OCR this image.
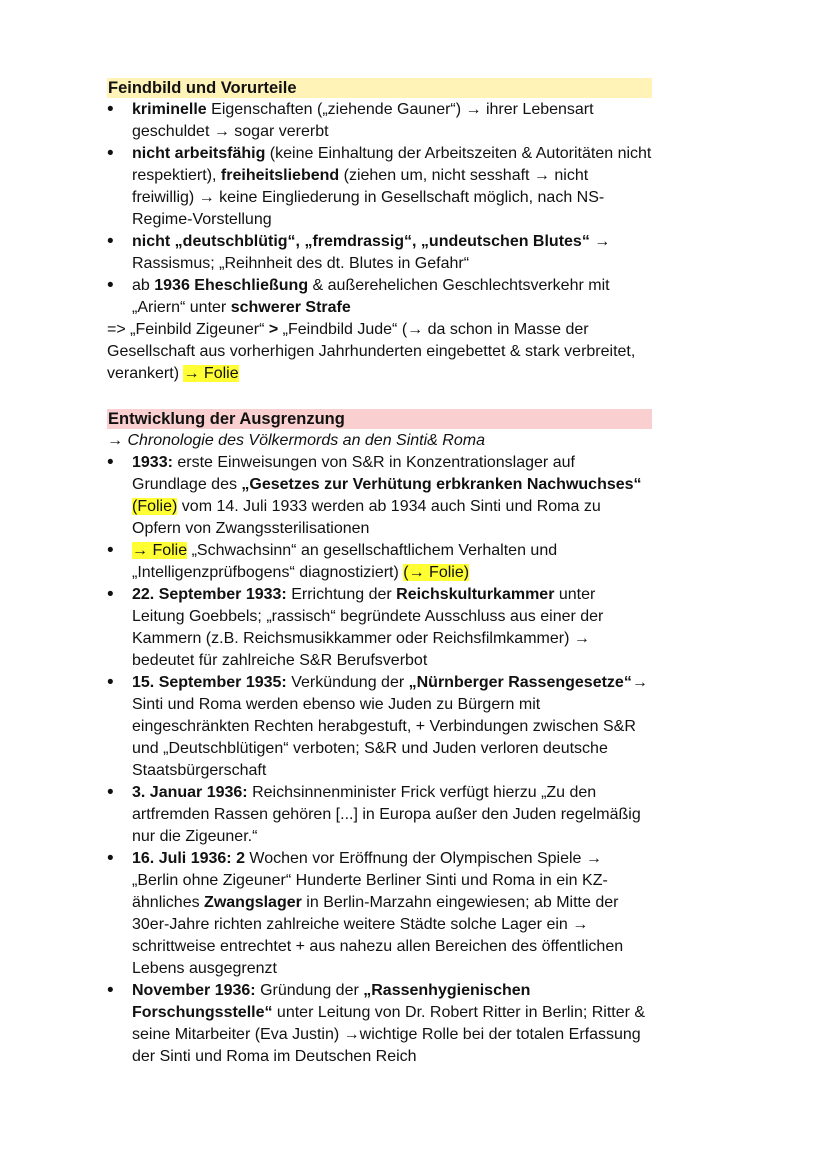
Feindbild und Vorurteile
• kriminelle Eigenschaften („ziehende Gauner“) → ihrer Lebensart geschuldet → sogar vererbt
• nicht arbeitsfähig (keine Einhaltung der Arbeitszeiten & Autoritäten nicht respektiert), freiheitsliebend (ziehen um, nicht sesshaft → nicht freiwillig) → keine Eingliederung in Gesellschaft möglich, nach NS-Regime-Vorstellung
• nicht „deutschblütig“, „fremdrassig“, „undeutschen Blutes“ → Rassismus; „Reihnheit des dt. Blutes in Gefahr“
• ab 1936 Eheschließung & außerehelichen Geschlechtsverkehr mit „Ariern“ unter schwerer Strafe
=> „Feinbild Zigeuner“ > „Feindbild Jude“ (→ da schon in Masse der Gesellschaft aus vorherhigen Jahrhunderten eingebettet & stark verbreitet, verankert) → Folie
Entwicklung der Ausgrenzung
→ Chronologie des Völkermords an den Sinti& Roma
• 1933: erste Einweisungen von S&R in Konzentrationslager auf Grundlage des „Gesetzes zur Verhütung erbkranken Nachwuchses“ (Folie) vom 14. Juli 1933 werden ab 1934 auch Sinti und Roma zu Opfern von Zwangssterilisationen
• → Folie „Schwachsinn“ an gesellschaftlichem Verhalten und „Intelligenzprüfbogens“ diagnostiziert) (→ Folie)
• 22. September 1933: Errichtung der Reichskulturkammer unter Leitung Goebbels; „rassisch“ begründete Ausschluss aus einer der Kammern (z.B. Reichsmusikkammer oder Reichsfilmkammer) → bedeutet für zahlreiche S&R Berufsverbot
• 15. September 1935: Verkündung der „Nürnberger Rassengesetze“→ Sinti und Roma werden ebenso wie Juden zu Bürgern mit eingeschränkten Rechten herabgestuft, + Verbindungen zwischen S&R und „Deutschblütigen“ verboten; S&R und Juden verloren deutsche Staatsbürgerschaft
• 3. Januar 1936: Reichsinnenminister Frick verfügt hierzu „Zu den artfremden Rassen gehören [...] in Europa außer den Juden regelmäßig nur die Zigeuner.“
• 16. Juli 1936: 2 Wochen vor Eröffnung der Olympischen Spiele → „Berlin ohne Zigeuner“ Hunderte Berliner Sinti und Roma in ein KZ-ähnliches Zwangslager in Berlin-Marzahn eingewiesen; ab Mitte der 30er-Jahre richten zahlreiche weitere Städte solche Lager ein → schrittweise entrechtet + aus nahezu allen Bereichen des öffentlichen Lebens ausgegrenzt
• November 1936: Gründung der „Rassenhygienischen Forschungsstelle“ unter Leitung von Dr. Robert Ritter in Berlin; Ritter & seine Mitarbeiter (Eva Justin) →wichtige Rolle bei der totalen Erfassung der Sinti und Roma im Deutschen Reich
